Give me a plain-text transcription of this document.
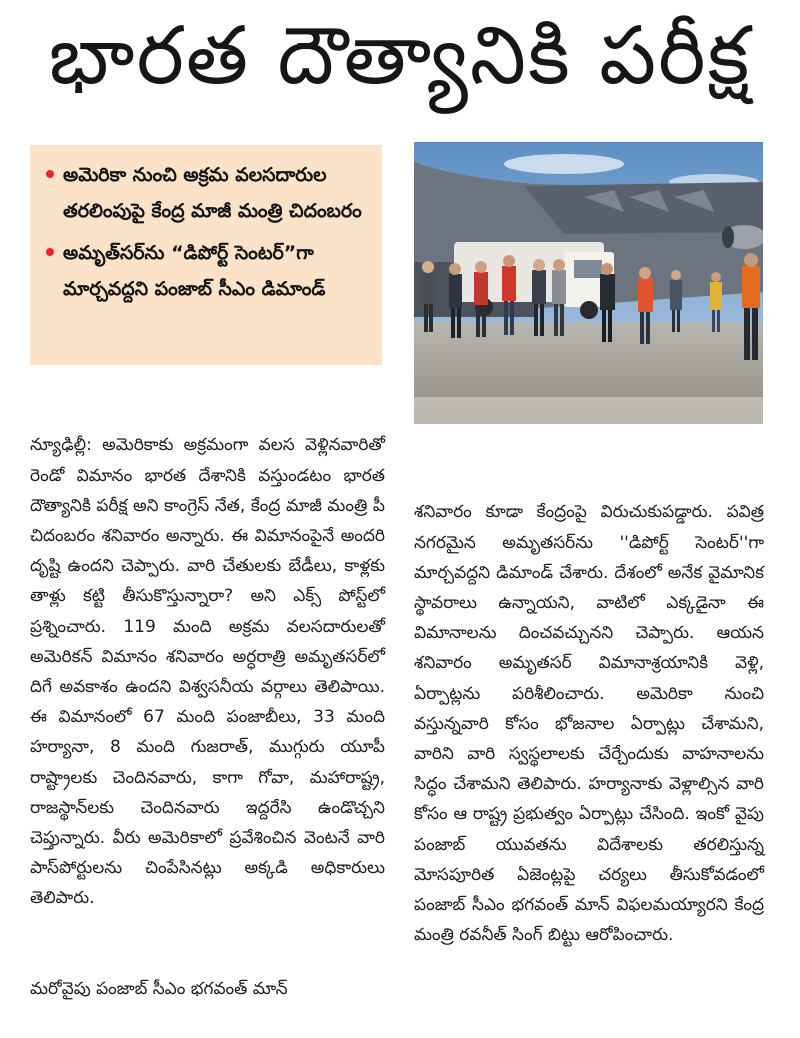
భారత దౌత్యానికి పరీక్ష
అమెరికా నుంచి అక్రమ వలసదారుల తరలింపుపై కేంద్ర మాజీ మంత్రి చిదంబరం
అమృత్‌సర్‌ను “డిపోర్ట్ సెంటర్”గా మార్చవద్దని పంజాబ్ సీఎం డిమాండ్

న్యూఢిల్లీ: అమెరికాకు అక్రమంగా వలస వెళ్లినవారితో రెండో విమానం భారత దేశానికి వస్తుండటం భారత దౌత్యానికి పరీక్ష అని కాంగ్రెస్ నేత, కేంద్ర మాజీ మంత్రి పీ చిదంబరం శనివారం అన్నారు. ఈ విమానంపైనే అందరి దృష్టి ఉందని చెప్పారు. వారి చేతులకు బేడీలు, కాళ్లకు తాళ్లు కట్టి తీసుకొస్తున్నారా? అని ఎక్స్ పోస్ట్‌లో ప్రశ్నించారు. 119 మంది అక్రమ వలసదారులతో అమెరికన్ విమానం శనివారం అర్ధరాత్రి అమృతసర్‌లో దిగే అవకాశం ఉందని విశ్వసనీయ వర్గాలు తెలిపాయి. ఈ విమానంలో 67 మంది పంజాబీలు, 33 మంది హర్యానా, 8 మంది గుజరాత్, ముగ్గురు యూపీ రాష్ట్రాలకు చెందినవారు, కాగా గోవా, మహారాష్ట్ర, రాజస్థాన్‌లకు చెందినవారు ఇద్దరేసి ఉండొచ్చని చెప్తున్నారు. వీరు అమెరికాలో ప్రవేశించిన వెంటనే వారి పాస్‌పోర్టులను చింపేసినట్లు అక్కడి అధికారులు తెలిపారు.

మరోవైపు పంజాబ్ సీఎం భగవంత్ మాన్

శనివారం కూడా కేంద్రంపై విరుచుకుపడ్డారు. పవిత్ర నగరమైన అమృతసర్‌ను ''డిపోర్ట్ సెంటర్''గా మార్చవద్దని డిమాండ్ చేశారు. దేశంలో అనేక వైమానిక స్థావరాలు ఉన్నాయని, వాటిలో ఎక్కడైనా ఈ విమానాలను దించవచ్చునని చెప్పారు. ఆయన శనివారం అమృతసర్ విమానాశ్రయానికి వెళ్లి, ఏర్పాట్లను పరిశీలించారు. అమెరికా నుంచి వస్తున్నవారి కోసం భోజనాల ఏర్పాట్లు చేశామని, వారిని వారి స్వస్థలాలకు చేర్చేందుకు వాహనాలను సిద్ధం చేశామని తెలిపారు. హర్యానాకు వెళ్లాల్సిన వారి కోసం ఆ రాష్ట్ర ప్రభుత్వం ఏర్పాట్లు చేసింది. ఇంకో వైపు పంజాబ్ యువతను విదేశాలకు తరలిస్తున్న మోసపూరిత ఏజెంట్లపై చర్యలు తీసుకోవడంలో పంజాబ్ సీఎం భగవంత్ మాన్ విఫలమయ్యారని కేంద్ర మంత్రి రవనీత్ సింగ్ బిట్టు ఆరోపించారు.
